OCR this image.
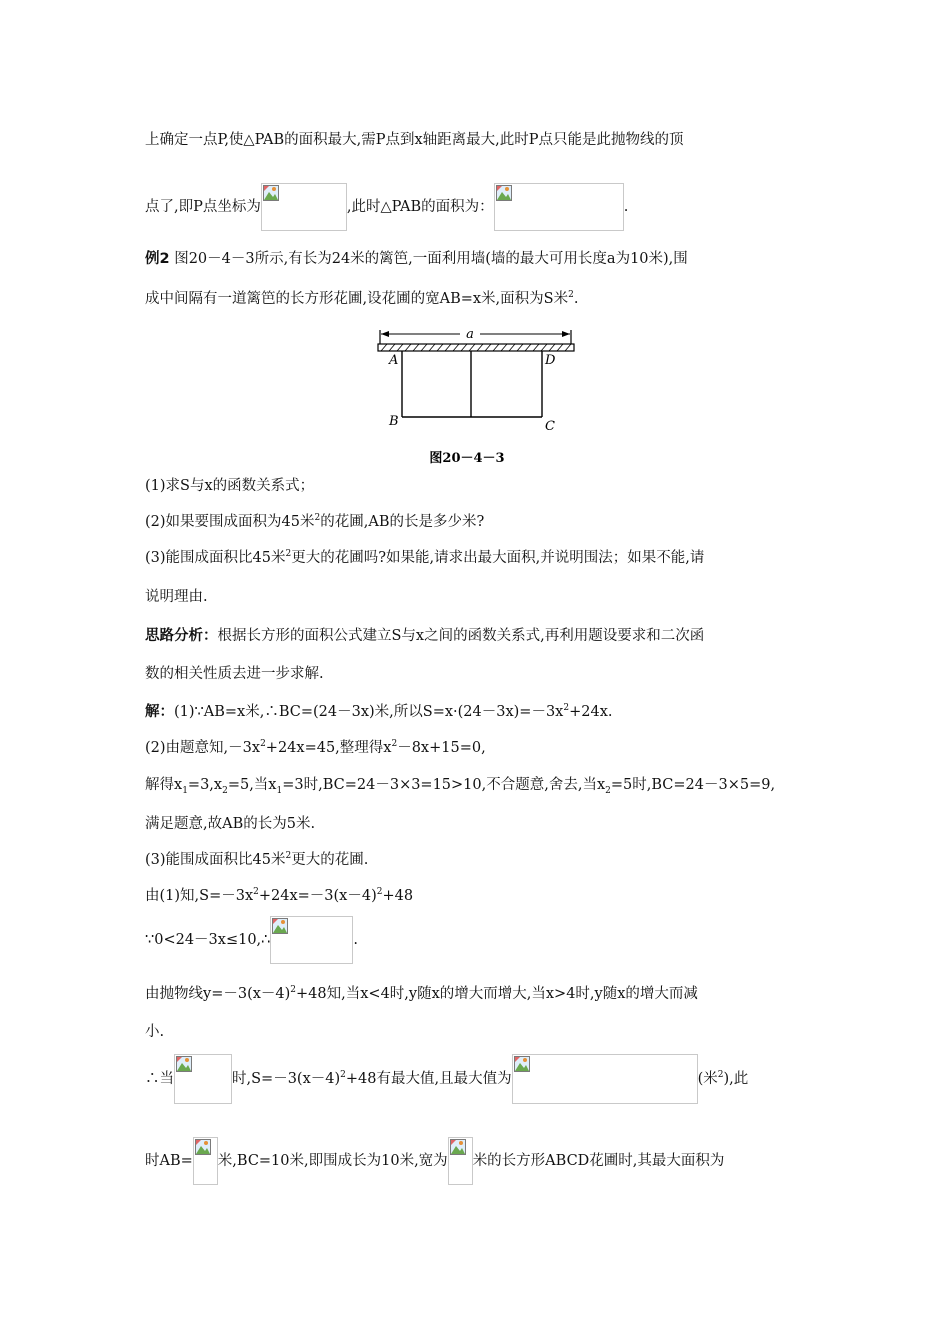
上确定一点P,使△PAB的面积最大,需P点到x轴距离最大,此时P点只能是此抛物线的顶
点了,即P点坐标为	,此时△PAB的面积为：	.
例2 图20－4－3所示,有长为24米的篱笆,一面利用墙(墙的最大可用长度a为10米),围
成中间隔有一道篱笆的长方形花圃,设花圃的宽AB=x米,面积为S米$^2$.
a
A	D
B	C
图20－4－3
(1)求S与x的函数关系式；
(2)如果要围成面积为45米$^2$的花圃,AB的长是多少米?
(3)能围成面积比45米$^2$更大的花圃吗?如果能,请求出最大面积,并说明围法；如果不能,请
说明理由.
思路分析：根据长方形的面积公式建立S与x之间的函数关系式,再利用题设要求和二次函
数的相关性质去进一步求解.
解：(1)∵AB=x米,∴BC=(24－3x)米,所以$S=x\cdot(24-3x)=-3x^2+24x$.
(2)由题意知$,-3x^2+24x=45$,整理得$x^2-8x+15=0$,
解得$x_1=3,x_2=5$,当$x_1=3$时,BC=24－3×3=15>10,不合题意,舍去,当$x_2=5$时,BC=24－3×5=9,
满足题意,故AB的长为5米.
(3)能围成面积比45米$^2$更大的花圃.
由(1)知$,S=-3x^2+24x=-3(x-4)^2+48$
∵0<24－3x≤10,∴	.
由抛物线$y=-3(x-4)^2+48$知,当x<4时,y随x的增大而增大,当x>4时,y随x的增大而减
小.
∴当	时$,S=-3(x-4)^2+48$有最大值,且最大值为	(米$^2$),此
时AB= 米,BC=10米,即围成长为10米,宽为 米的长方形ABCD花圃时,其最大面积为
